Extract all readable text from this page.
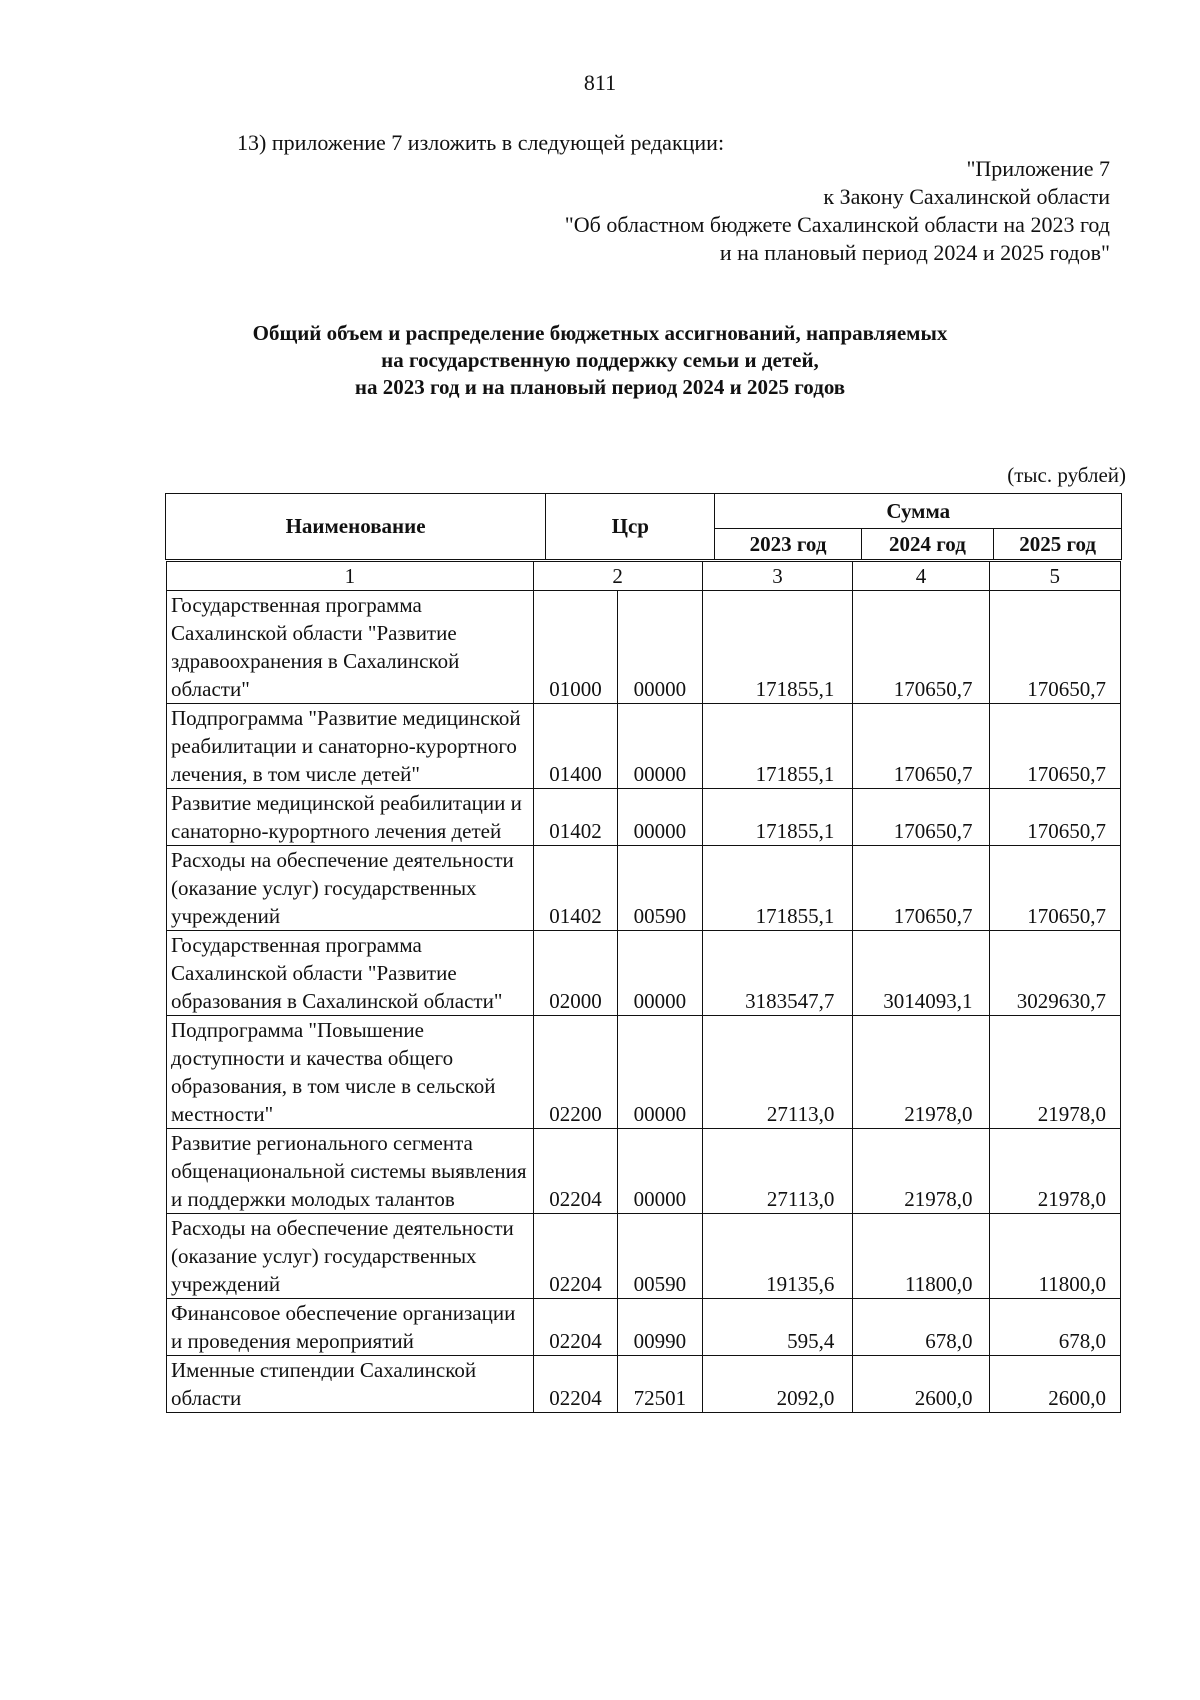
811
13) приложение 7 изложить в следующей редакции:
"Приложение 7
к Закону Сахалинской области
"Об областном бюджете Сахалинской области на 2023 год
и на плановый период 2024 и 2025 годов"
Общий объем и распределение бюджетных ассигнований, направляемых
на государственную поддержку семьи и детей,
на 2023 год и на плановый период 2024 и 2025 годов
(тыс. рублей)
Наименование	Цср	Сумма		
		2023 год	2024 год	2025 год
1	2		3	4	5
Государственная программа Сахалинской области "Развитие здравоохранения в Сахалинской области"	01000	00000	171855,1	170650,7	170650,7
Подпрограмма "Развитие медицинской реабилитации и санаторно-курортного лечения, в том числе детей"	01400	00000	171855,1	170650,7	170650,7
Развитие медицинской реабилитации и санаторно-курортного лечения детей	01402	00000	171855,1	170650,7	170650,7
Расходы на обеспечение деятельности (оказание услуг) государственных учреждений	01402	00590	171855,1	170650,7	170650,7
Государственная программа Сахалинской области "Развитие образования в Сахалинской области"	02000	00000	3183547,7	3014093,1	3029630,7
Подпрограмма "Повышение доступности и качества общего образования, в том числе в сельской местности"	02200	00000	27113,0	21978,0	21978,0
Развитие регионального сегмента общенациональной системы выявления и поддержки молодых талантов	02204	00000	27113,0	21978,0	21978,0
Расходы на обеспечение деятельности (оказание услуг) государственных учреждений	02204	00590	19135,6	11800,0	11800,0
Финансовое обеспечение организации и проведения мероприятий	02204	00990	595,4	678,0	678,0
Именные стипендии Сахалинской области	02204	72501	2092,0	2600,0	2600,0
